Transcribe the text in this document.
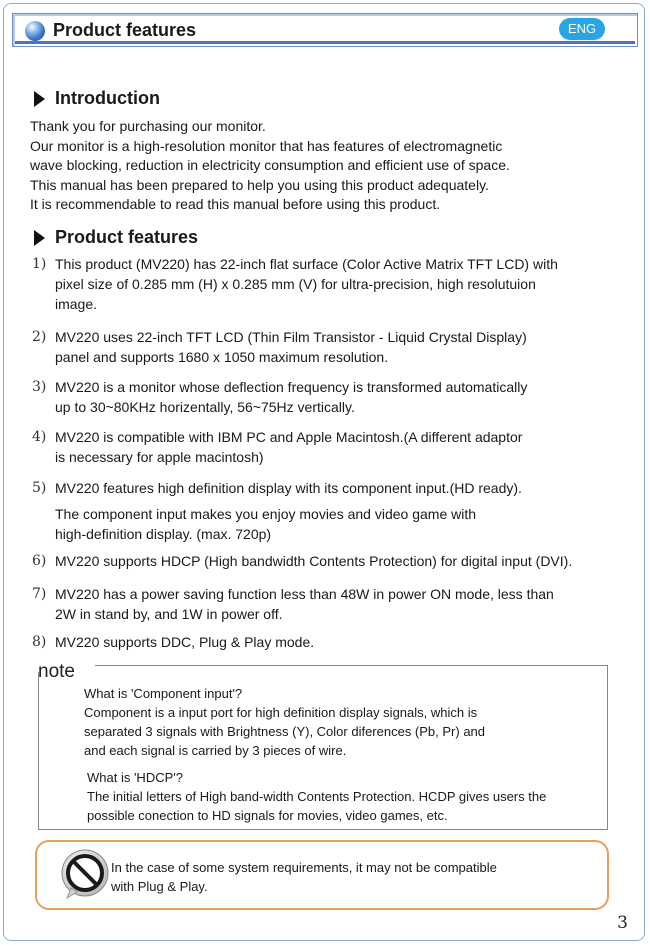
Product features	ENG
Introduction
Thank you for purchasing our monitor.
Our monitor is a high-resolution monitor that has features of electromagnetic
wave blocking, reduction in electricity consumption and efficient use of space.
This manual has been prepared to help you using this product adequately.
It is recommendable to read this manual before using this product.
Product features
1) This product (MV220) has 22-inch flat surface (Color Active Matrix TFT LCD) with
pixel size of 0.285 mm (H) x 0.285 mm (V) for ultra-precision, high resolutuion
image.
2) MV220 uses 22-inch TFT LCD (Thin Film Transistor - Liquid Crystal Display)
panel and supports 1680 x 1050 maximum resolution.
3) MV220 is a monitor whose deflection frequency is transformed automatically
up to 30~80KHz horizentally, 56~75Hz vertically.
4) MV220 is compatible with IBM PC and Apple Macintosh.(A different adaptor
is necessary for apple macintosh)
5) MV220 features high definition display with its component input.(HD ready).
The component input makes you enjoy movies and video game with
high-definition display. (max. 720p)
6) MV220 supports HDCP (High bandwidth Contents Protection) for digital input (DVI).
7) MV220 has a power saving function less than 48W in power ON mode, less than
2W in stand by, and 1W in power off.
8) MV220 supports DDC, Plug & Play mode.
note
What is 'Component input'?
Component is a input port for high definition display signals, which is
separated 3 signals with Brightness (Y), Color diferences (Pb, Pr) and
and each signal is carried by 3 pieces of wire.
What is 'HDCP'?
The initial letters of High band-width Contents Protection. HCDP gives users the
possible conection to HD signals for movies, video games, etc.
In the case of some system requirements, it may not be compatible
with Plug & Play.
3
